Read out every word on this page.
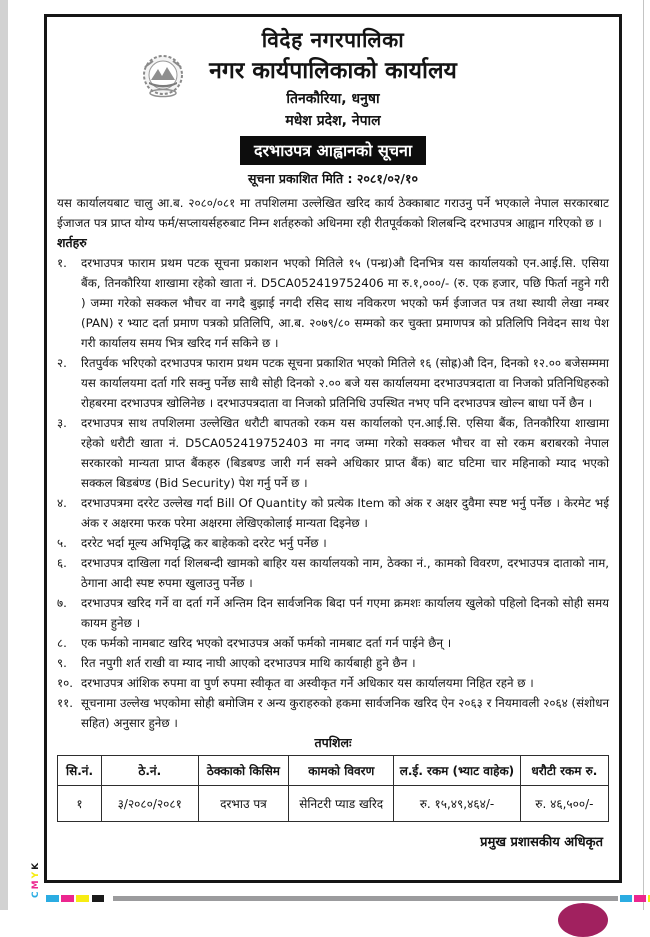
विदेह नगरपालिका
नगर कार्यपालिकाको कार्यालय
तिनकौरिया, धनुषा
मधेश प्रदेश, नेपाल
दरभाउपत्र आह्वानको सूचना
सूचना प्रकाशित मिति : २०८१/०२/१०
यस कार्यालयबाट चालु आ.ब. २०८०/०८१ मा तपशिलमा उल्लेखित खरिद कार्य ठेक्काबाट गराउनु पर्ने भएकाले नेपाल सरकारबाट ईजाजत पत्र प्राप्त योग्य फर्म/सप्लायर्सहरुबाट निम्न शर्तहरुको अधिनमा रही रीतपूर्वकको शिलबन्दि दरभाउपत्र आह्वान गरिएको छ ।
शर्तहरु
१.	दरभाउपत्र फाराम प्रथम पटक सूचना प्रकाशन भएको मितिले १५ (पन्ध्र)औ दिनभित्र यस कार्यालयको एन.आई.सि. एसिया बैंक, तिनकौरिया शाखामा रहेको खाता नं. D5CA052419752406 मा रु.१,०००/- (रु. एक हजार, पछि फिर्ता नहुने गरी ) जम्मा गरेको सक्कल भौचर वा नगदै बुझाई नगदी रसिद साथ नविकरण भएको फर्म ईजाजत पत्र तथा स्थायी लेखा नम्बर (PAN) र भ्याट दर्ता प्रमाण पत्रको प्रतिलिपि, आ.ब. २०७९/८० सम्मको कर चुक्ता प्रमाणपत्र को प्रतिलिपि निवेदन साथ पेश गरी कार्यालय समय भित्र खरिद गर्न सकिने छ ।
२.	रितपुर्वक भरिएको दरभाउपत्र फाराम प्रथम पटक सूचना प्रकाशित भएको मितिले १६ (सोह्र)औ दिन, दिनको १२.०० बजेसम्ममा यस कार्यालयमा दर्ता गरि सक्नु पर्नेछ साथै सोही दिनको २.०० बजे यस कार्यालयमा दरभाउपत्रदाता वा निजको प्रतिनिधिहरुको रोहबरमा दरभाउपत्र खोलिनेछ । दरभाउपत्रदाता वा निजको प्रतिनिधि उपस्थित नभए पनि दरभाउपत्र खोल्न बाधा पर्ने छैन ।
३.	दरभाउपत्र साथ तपशिलमा उल्लेखित धरौटी बापतको रकम यस कार्यालको एन.आई.सि. एसिया बैंक, तिनकौरिया शाखामा रहेको धरौटी खाता नं. D5CA052419752403 मा नगद जम्मा गरेको सक्कल भौचर वा सो रकम बराबरको नेपाल सरकारको मान्यता प्राप्त बैंकहरु (बिडबण्ड जारी गर्न सक्ने अधिकार प्राप्त बैंक) बाट घटिमा चार महिनाको म्याद भएको सक्कल बिडबंण्ड (Bid Security) पेश गर्नु पर्ने छ ।
४.	दरभाउपत्रमा दररेट उल्लेख गर्दा Bill Of Quantity को प्रत्येक Item को अंक र अक्षर दुवैमा स्पष्ट भर्नु पर्नेछ । केरमेट भई अंक र अक्षरमा फरक परेमा अक्षरमा लेखिएकोलाई मान्यता दिइनेछ ।
५.	दररेट भर्दा मूल्य अभिवृद्धि कर बाहेकको दररेट भर्नु पर्नेछ ।
६.	दरभाउपत्र दाखिला गर्दा शिलबन्दी खामको बाहिर यस कार्यालयको नाम, ठेक्का नं., कामको विवरण, दरभाउपत्र दाताको नाम, ठेगाना आदी स्पष्ट रुपमा खुलाउनु पर्नेछ ।
७.	दरभाउपत्र खरिद गर्ने वा दर्ता गर्ने अन्तिम दिन सार्वजनिक बिदा पर्न गएमा क्रमशः कार्यालय खुलेको पहिलो दिनको सोही समय कायम हुनेछ ।
८.	एक फर्मको नामबाट खरिद भएको दरभाउपत्र अर्को फर्मको नामबाट दर्ता गर्न पाईने छैन् ।
९.	रित नपुगी शर्त राखी वा म्याद नाघी आएको दरभाउपत्र माथि कार्यबाही हुने छैन ।
१०. दरभाउपत्र आंशिक रुपमा वा पुर्ण रुपमा स्वीकृत वा अस्वीकृत गर्ने अधिकार यस कार्यालयमा निहित रहने छ ।
११. सूचनामा उल्लेख भएकोमा सोही बमोजिम र अन्य कुराहरुको हकमा सार्वजनिक खरिद ऐन २०६३ र नियमावली २०६४ (संशोधन सहित) अनुसार हुनेछ ।
तपशिलः
सि.नं.	ठे.नं.	ठेक्काको किसिम	कामको विवरण	ल.ई. रकम (भ्याट वाहेक)	धरौटी रकम रु.
१	३/२०८०/२०८१	दरभाउ पत्र	सेनिटरी प्याड खरिद	रु. १५,४९,४६४/-	रु. ४६,५००/-
प्रमुख प्रशासकीय अधिकृत
C
M
Y
K
